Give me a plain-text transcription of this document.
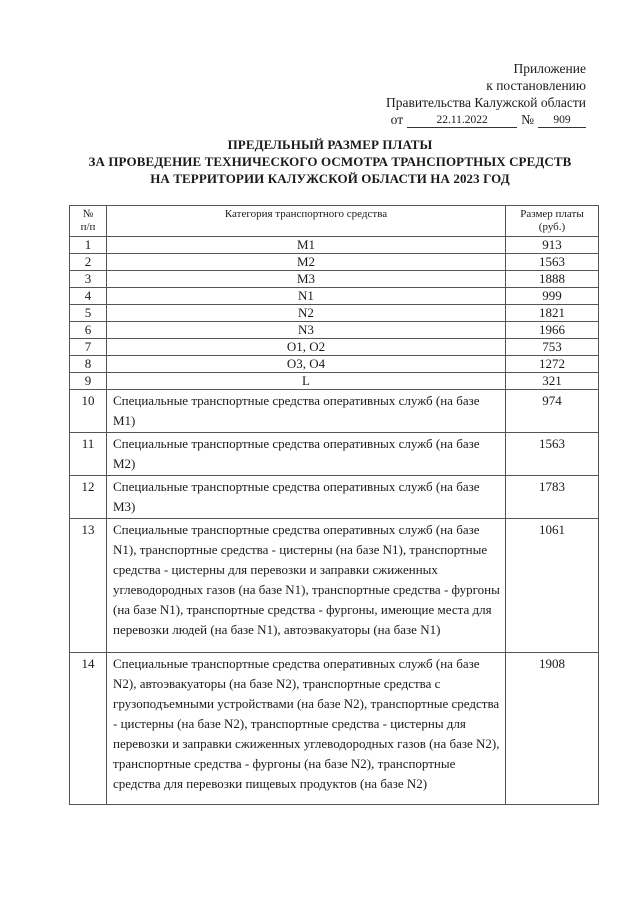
Приложение
к постановлению
Правительства Калужской области
от	22.11.2022	№	909
ПРЕДЕЛЬНЫЙ РАЗМЕР ПЛАТЫ
ЗА ПРОВЕДЕНИЕ ТЕХНИЧЕСКОГО ОСМОТРА ТРАНСПОРТНЫХ СРЕДСТВ
НА ТЕРРИТОРИИ КАЛУЖСКОЙ ОБЛАСТИ НА 2023 ГОД
№
п/п	Категория транспортного средства	Размер платы
(руб.)
1	M1	913
2	M2	1563
3	M3	1888
4	N1	999
5	N2	1821
6	N3	1966
7	O1, O2	753
8	O3, O4	1272
9	L	321
10	Специальные транспортные средства оперативных служб (на базе M1)	974
11	Специальные транспортные средства оперативных служб (на базе M2)	1563
12	Специальные транспортные средства оперативных служб (на базе M3)	1783
13	Специальные транспортные средства оперативных служб (на базе N1), транспортные средства - цистерны (на базе N1), транспортные средства - цистерны для перевозки и заправки сжиженных углеводородных газов (на базе N1), транспортные средства - фургоны (на базе N1), транспортные средства - фургоны, имеющие места для перевозки людей (на базе N1), автоэвакуаторы (на базе N1)	1061
14	Специальные транспортные средства оперативных служб (на базе N2), автоэвакуаторы (на базе N2), транспортные средства с грузоподъемными устройствами (на базе N2), транспортные средства - цистерны (на базе N2), транспортные средства - цистерны для перевозки и заправки сжиженных углеводородных газов (на базе N2), транспортные средства - фургоны (на базе N2), транспортные средства для перевозки пищевых продуктов (на базе N2)	1908
